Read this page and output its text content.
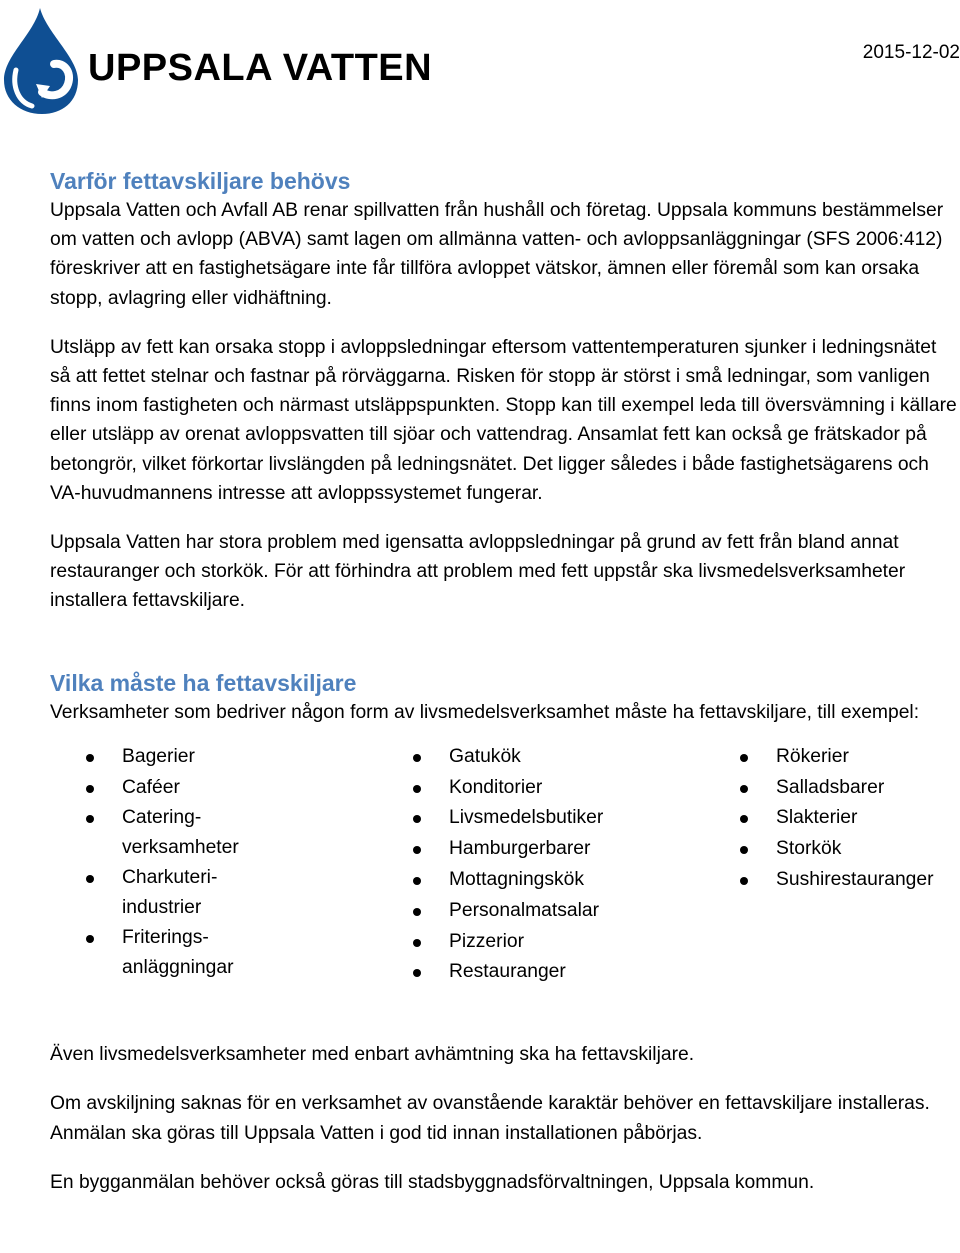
UPPSALA VATTEN	2015-12-02
Varför fettavskiljare behövs

Uppsala Vatten och Avfall AB renar spillvatten från hushåll och företag. Uppsala kommuns bestämmelser om vatten och avlopp (ABVA) samt lagen om allmänna vatten- och avloppsanläggningar (SFS 2006:412) föreskriver att en fastighetsägare inte får tillföra avloppet vätskor, ämnen eller föremål som kan orsaka stopp, avlagring eller vidhäftning.

Utsläpp av fett kan orsaka stopp i avloppsledningar eftersom vattentemperaturen sjunker i ledningsnätet så att fettet stelnar och fastnar på rörväggarna. Risken för stopp är störst i små ledningar, som vanligen finns inom fastigheten och närmast utsläppspunkten. Stopp kan till exempel leda till översvämning i källare eller utsläpp av orenat avloppsvatten till sjöar och vattendrag. Ansamlat fett kan också ge frätskador på betongrör, vilket förkortar livslängden på ledningsnätet. Det ligger således i både fastighetsägarens och VA-huvudmannens intresse att avloppssystemet fungerar.

Uppsala Vatten har stora problem med igensatta avloppsledningar på grund av fett från bland annat restauranger och storkök. För att förhindra att problem med fett uppstår ska livsmedelsverksamheter installera fettavskiljare.

Vilka måste ha fettavskiljare

Verksamheter som bedriver någon form av livsmedelsverksamhet måste ha fettavskiljare, till exempel:

Bagerier
Caféer
Catering- verksamheter
Charkuteri- industrier
Friterings- anläggningar
Gatukök
Konditorier
Livsmedelsbutiker
Hamburgerbarer
Mottagningskök
Personalmatsalar
Pizzerior
Restauranger
Rökerier
Salladsbarer
Slakterier
Storkök
Sushirestauranger

Även livsmedelsverksamheter med enbart avhämtning ska ha fettavskiljare.

Om avskiljning saknas för en verksamhet av ovanstående karaktär behöver en fettavskiljare installeras. Anmälan ska göras till Uppsala Vatten i god tid innan installationen påbörjas.

En bygganmälan behöver också göras till stadsbyggnadsförvaltningen, Uppsala kommun.
